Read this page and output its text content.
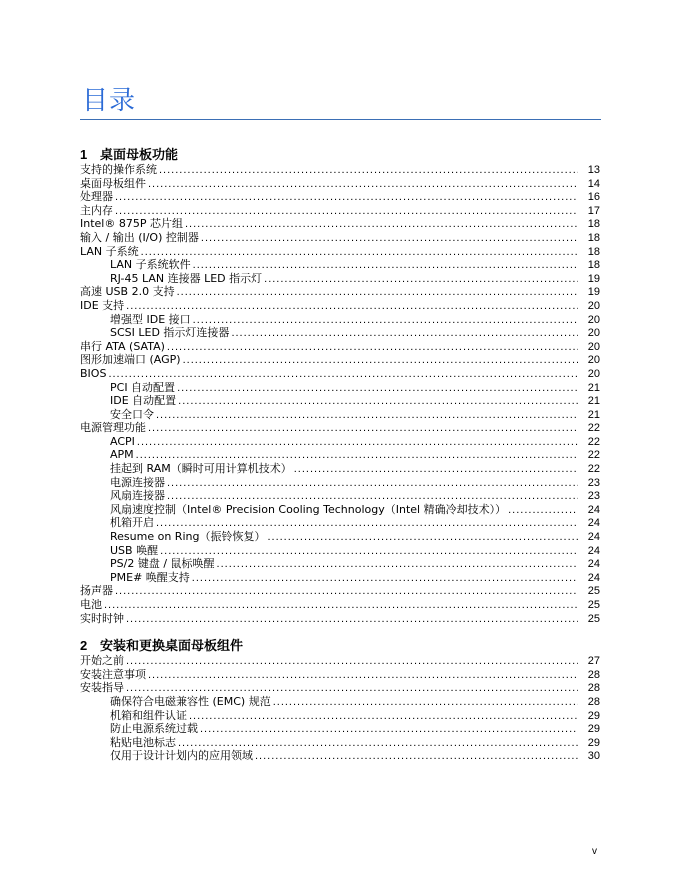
目录
1 桌面母板功能
支持的操作系统 .....	13
桌面母板组件 .....	14
处理器 .....	16
主内存 .....	17
Intel® 875P 芯片组 .....	18
输入 / 输出 (I/O) 控制器 .....	18
LAN 子系统 .....	18
LAN 子系统软件 .....	18
RJ-45 LAN 连接器 LED 指示灯 .....	19
高速 USB 2.0 支持 .....	19
IDE 支持 .....	20
增强型 IDE 接口 .....	20
SCSI LED 指示灯连接器 .....	20
串行 ATA (SATA) .....	20
图形加速端口 (AGP) .....	20
BIOS .....	20
PCI 自动配置 .....	21
IDE 自动配置 .....	21
安全口令 .....	21
电源管理功能 .....	22
ACPI .....	22
APM .....	22
挂起到 RAM（瞬时可用计算机技术） .....	22
电源连接器 .....	23
风扇连接器 .....	23
风扇速度控制（Intel® Precision Cooling Technology（Intel 精确冷却技术）） .....	24
机箱开启 .....	24
Resume on Ring（振铃恢复） .....	24
USB 唤醒 .....	24
PS/2 键盘 / 鼠标唤醒 .....	24
PME# 唤醒支持 .....	24
扬声器 .....	25
电池 .....	25
实时时钟 .....	25
2 安装和更换桌面母板组件
开始之前 .....	27
安装注意事项 .....	28
安装指导 .....	28
确保符合电磁兼容性 (EMC) 规范 .....	28
机箱和组件认证 .....	29
防止电源系统过载 .....	29
粘贴电池标志 .....	29
仅用于设计计划内的应用领域 .....	30
v
